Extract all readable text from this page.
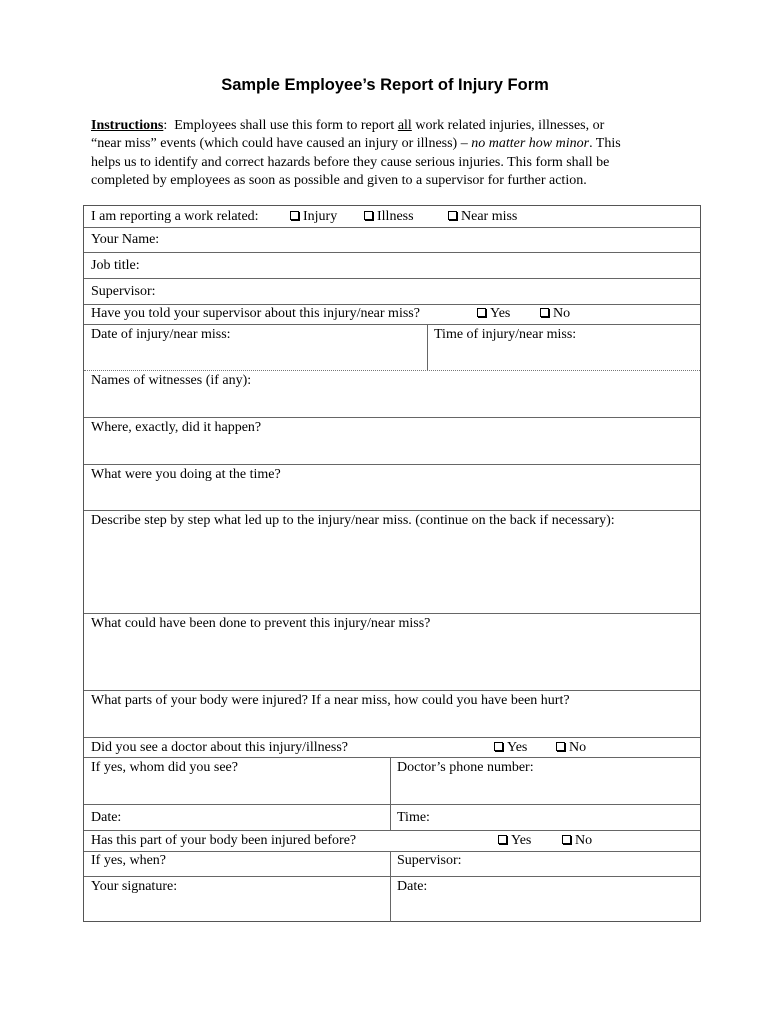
Sample Employee’s Report of Injury Form
Instructions:  Employees shall use this form to report all work related injuries, illnesses, or
“near miss” events (which could have caused an injury or illness) – no matter how minor. This
helps us to identify and correct hazards before they cause serious injuries. This form shall be
completed by employees as soon as possible and given to a supervisor for further action.
I am reporting a work related:	Injury	Illness	Near miss
Your Name:
Job title:
Supervisor:
Have you told your supervisor about this injury/near miss?	Yes	No
Date of injury/near miss:	Time of injury/near miss:
Names of witnesses (if any):
Where, exactly, did it happen?
What were you doing at the time?
Describe step by step what led up to the injury/near miss. (continue on the back if necessary):
What could have been done to prevent this injury/near miss?
What parts of your body were injured? If a near miss, how could you have been hurt?
Did you see a doctor about this injury/illness?	Yes	No
If yes, whom did you see?	Doctor’s phone number:
Date:	Time:
Has this part of your body been injured before?	Yes	No
If yes, when?	Supervisor:
Your signature:	Date:
